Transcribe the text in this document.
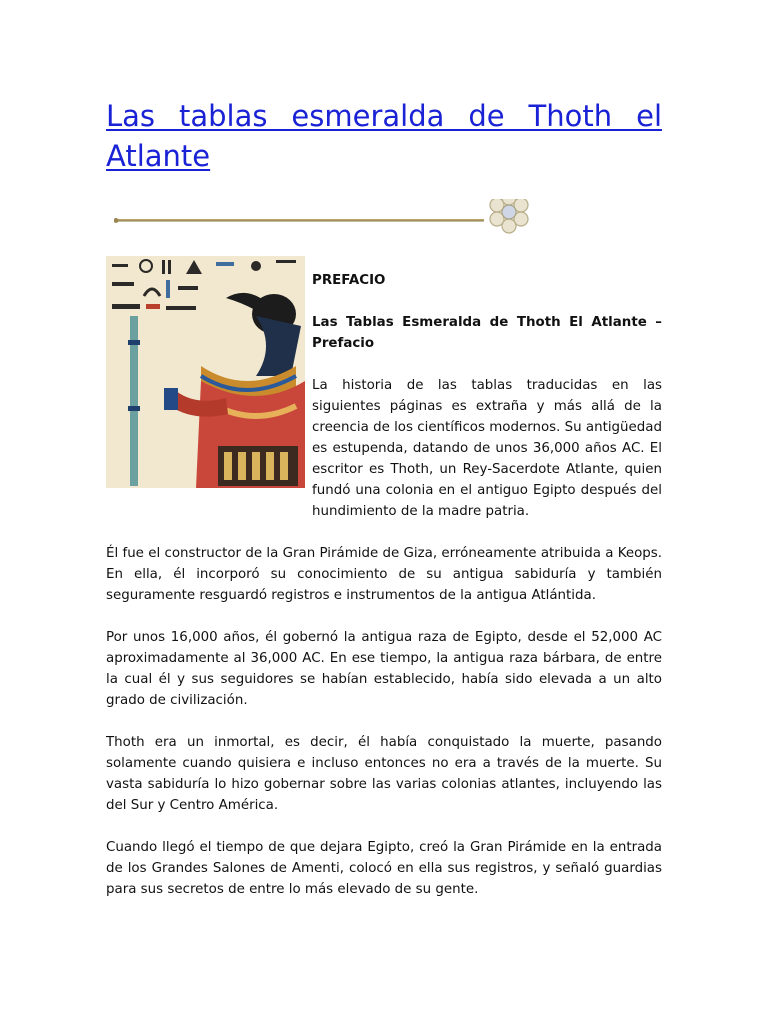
Las tablas esmeralda de Thoth el Atlante

PREFACIO

Las Tablas Esmeralda de Thoth El Atlante – Prefacio

La historia de las tablas traducidas en las siguientes páginas es extraña y más allá de la creencia de los científicos modernos. Su antigüedad es estupenda, datando de unos 36,000 años AC. El escritor es Thoth, un Rey-Sacerdote Atlante, quien fundó una colonia en el antiguo Egipto después del hundimiento de la madre patria.

Él fue el constructor de la Gran Pirámide de Giza, erróneamente atribuida a Keops. En ella, él incorporó su conocimiento de su antigua sabiduría y también seguramente resguardó registros e instrumentos de la antigua Atlántida.

Por unos 16,000 años, él gobernó la antigua raza de Egipto, desde el 52,000 AC aproximadamente al 36,000 AC. En ese tiempo, la antigua raza bárbara, de entre la cual él y sus seguidores se habían establecido, había sido elevada a un alto grado de civilización.

Thoth era un inmortal, es decir, él había conquistado la muerte, pasando solamente cuando quisiera e incluso entonces no era a través de la muerte. Su vasta sabiduría lo hizo gobernar sobre las varias colonias atlantes, incluyendo las del Sur y Centro América.

Cuando llegó el tiempo de que dejara Egipto, creó la Gran Pirámide en la entrada de los Grandes Salones de Amenti, colocó en ella sus registros, y señaló guardias para sus secretos de entre lo más elevado de su gente.
